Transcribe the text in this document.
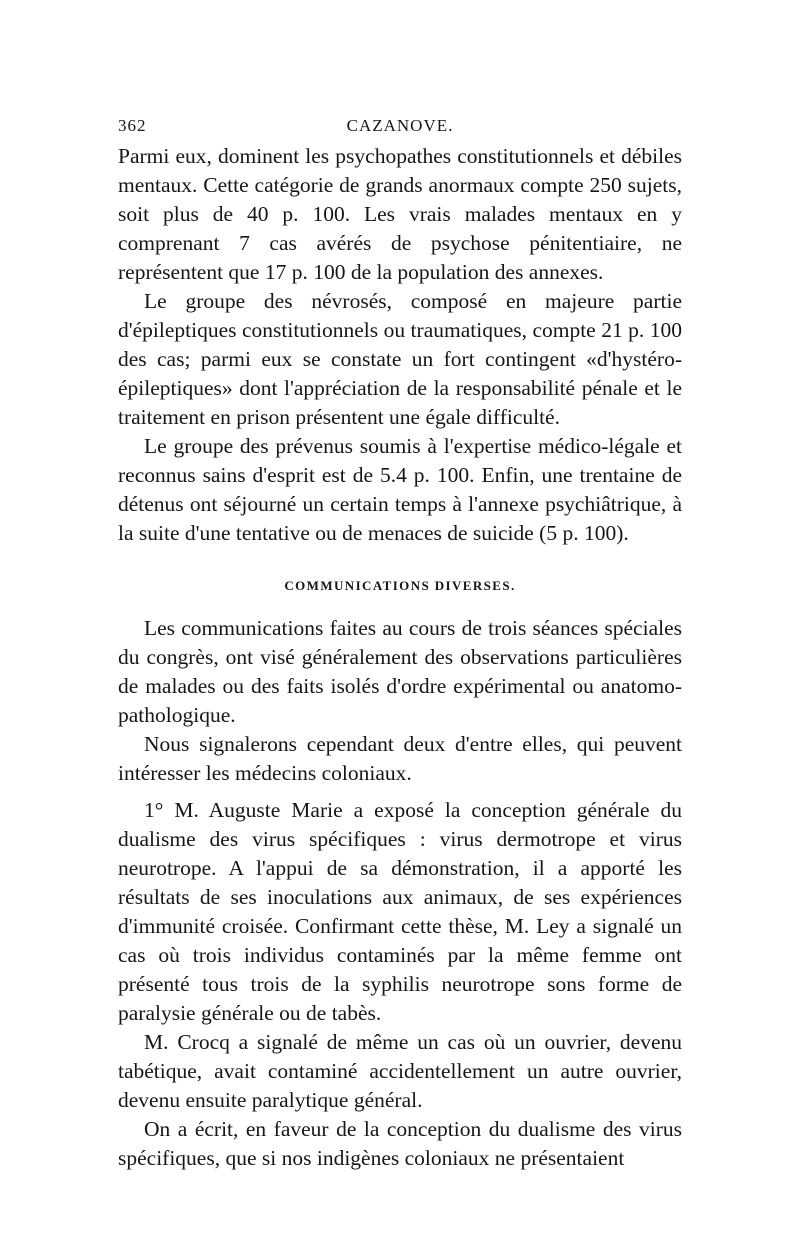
362	CAZANOVE.

Parmi eux, dominent les psychopathes constitutionnels et débiles mentaux. Cette catégorie de grands anormaux compte 250 sujets, soit plus de 40 p. 100. Les vrais malades mentaux en y comprenant 7 cas avérés de psychose pénitentiaire, ne représentent que 17 p. 100 de la population des annexes.

Le groupe des névrosés, composé en majeure partie d'épileptiques constitutionnels ou traumatiques, compte 21 p. 100 des cas; parmi eux se constate un fort contingent «d'hystéro-épileptiques» dont l'appréciation de la responsabilité pénale et le traitement en prison présentent une égale difficulté.

Le groupe des prévenus soumis à l'expertise médico-légale et reconnus sains d'esprit est de 5.4 p. 100. Enfin, une trentaine de détenus ont séjourné un certain temps à l'annexe psychiâtrique, à la suite d'une tentative ou de menaces de suicide (5 p. 100).

COMMUNICATIONS DIVERSES.

Les communications faites au cours de trois séances spéciales du congrès, ont visé généralement des observations particulières de malades ou des faits isolés d'ordre expérimental ou anatomo-pathologique.

Nous signalerons cependant deux d'entre elles, qui peuvent intéresser les médecins coloniaux.

1° M. Auguste Marie a exposé la conception générale du dualisme des virus spécifiques : virus dermotrope et virus neurotrope. A l'appui de sa démonstration, il a apporté les résultats de ses inoculations aux animaux, de ses expériences d'immunité croisée. Confirmant cette thèse, M. Ley a signalé un cas où trois individus contaminés par la même femme ont présenté tous trois de la syphilis neurotrope sons forme de paralysie générale ou de tabès.

M. Crocq a signalé de même un cas où un ouvrier, devenu tabétique, avait contaminé accidentellement un autre ouvrier, devenu ensuite paralytique général.

On a écrit, en faveur de la conception du dualisme des virus spécifiques, que si nos indigènes coloniaux ne présentaient
